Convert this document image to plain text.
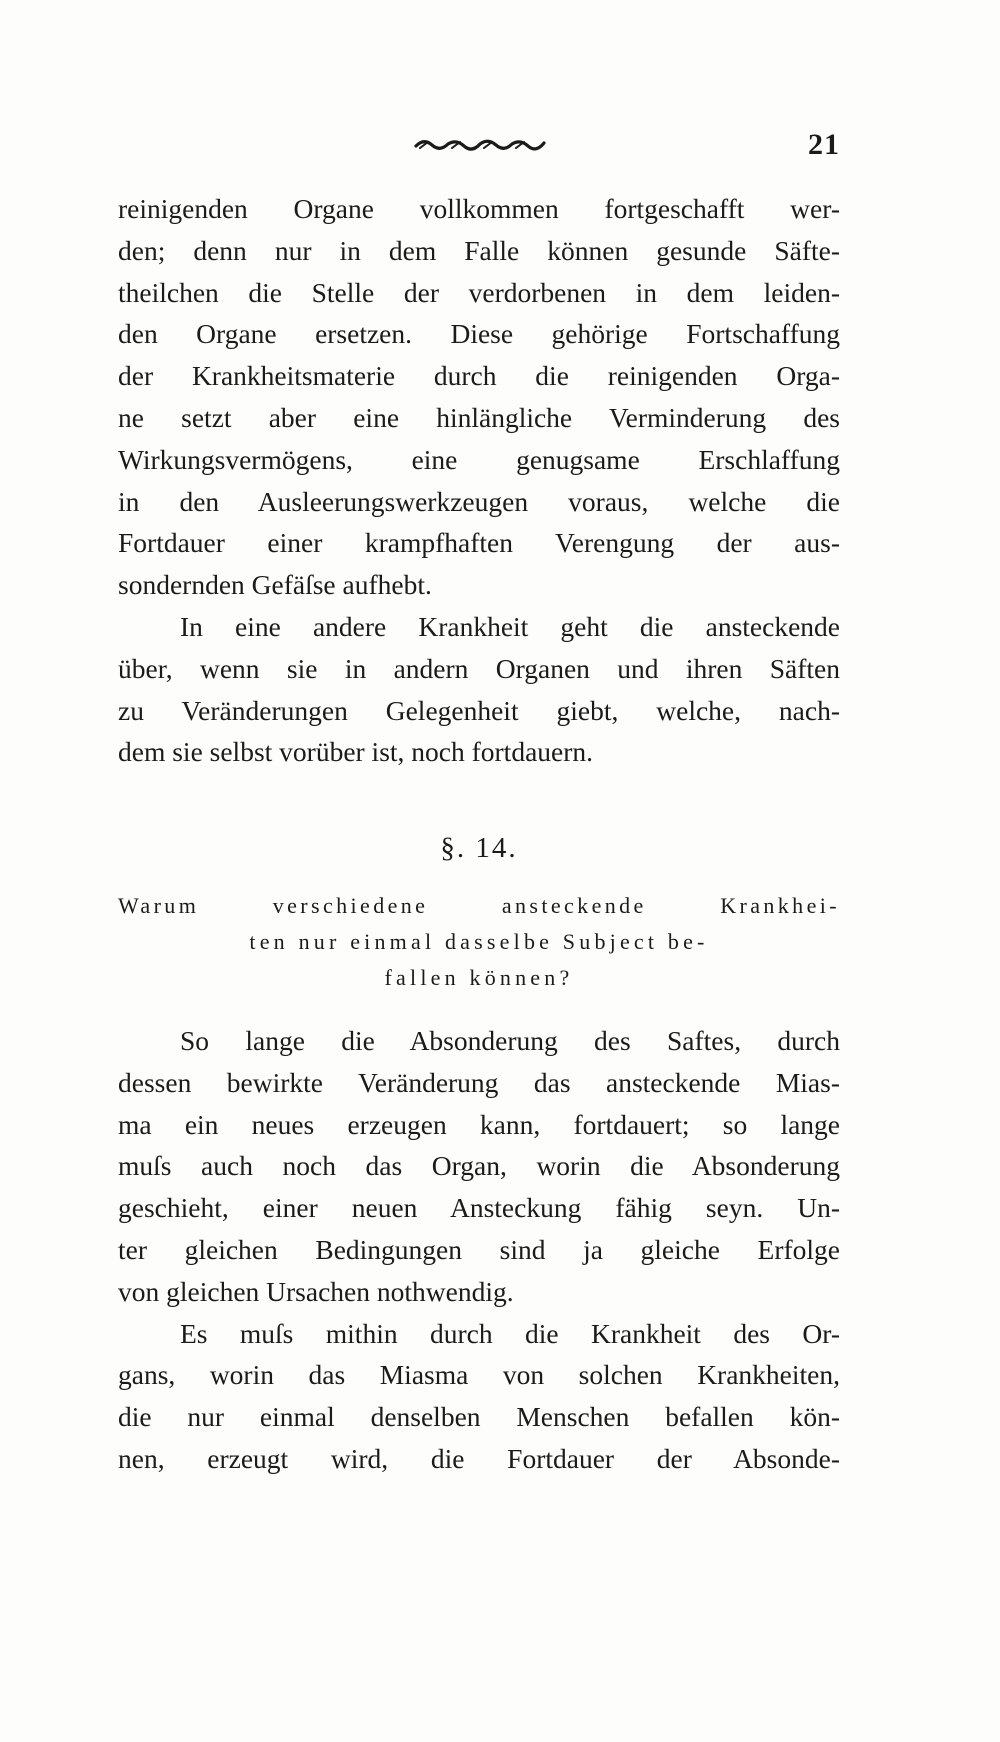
21
reinigenden Organe vollkommen fortgeschafft wer-
den; denn nur in dem Falle können gesunde Säfte-
theilchen die Stelle der verdorbenen in dem leiden-
den Organe ersetzen. Diese gehörige Fortschaffung
der Krankheitsmaterie durch die reinigenden Orga-
ne setzt aber eine hinlängliche Verminderung des
Wirkungsvermögens, eine genugsame Erschlaffung
in den Ausleerungswerkzeugen voraus, welche die
Fortdauer einer krampfhaften Verengung der aus-
sondernden Gefäſse aufhebt.
In eine andere Krankheit geht die ansteckende
über, wenn sie in andern Organen und ihren Säften
zu Veränderungen Gelegenheit giebt, welche, nach-
dem sie selbst vorüber ist, noch fortdauern.
§. 14.
Warum verschiedene ansteckende Krankhei-
ten nur einmal dasselbe Subject be-
fallen können?
So lange die Absonderung des Saftes, durch
dessen bewirkte Veränderung das ansteckende Mias-
ma ein neues erzeugen kann, fortdauert; so lange
muſs auch noch das Organ, worin die Absonderung
geschieht, einer neuen Ansteckung fähig seyn. Un-
ter gleichen Bedingungen sind ja gleiche Erfolge
von gleichen Ursachen nothwendig.
Es muſs mithin durch die Krankheit des Or-
gans, worin das Miasma von solchen Krankheiten,
die nur einmal denselben Menschen befallen kön-
nen, erzeugt wird, die Fortdauer der Absonde-
